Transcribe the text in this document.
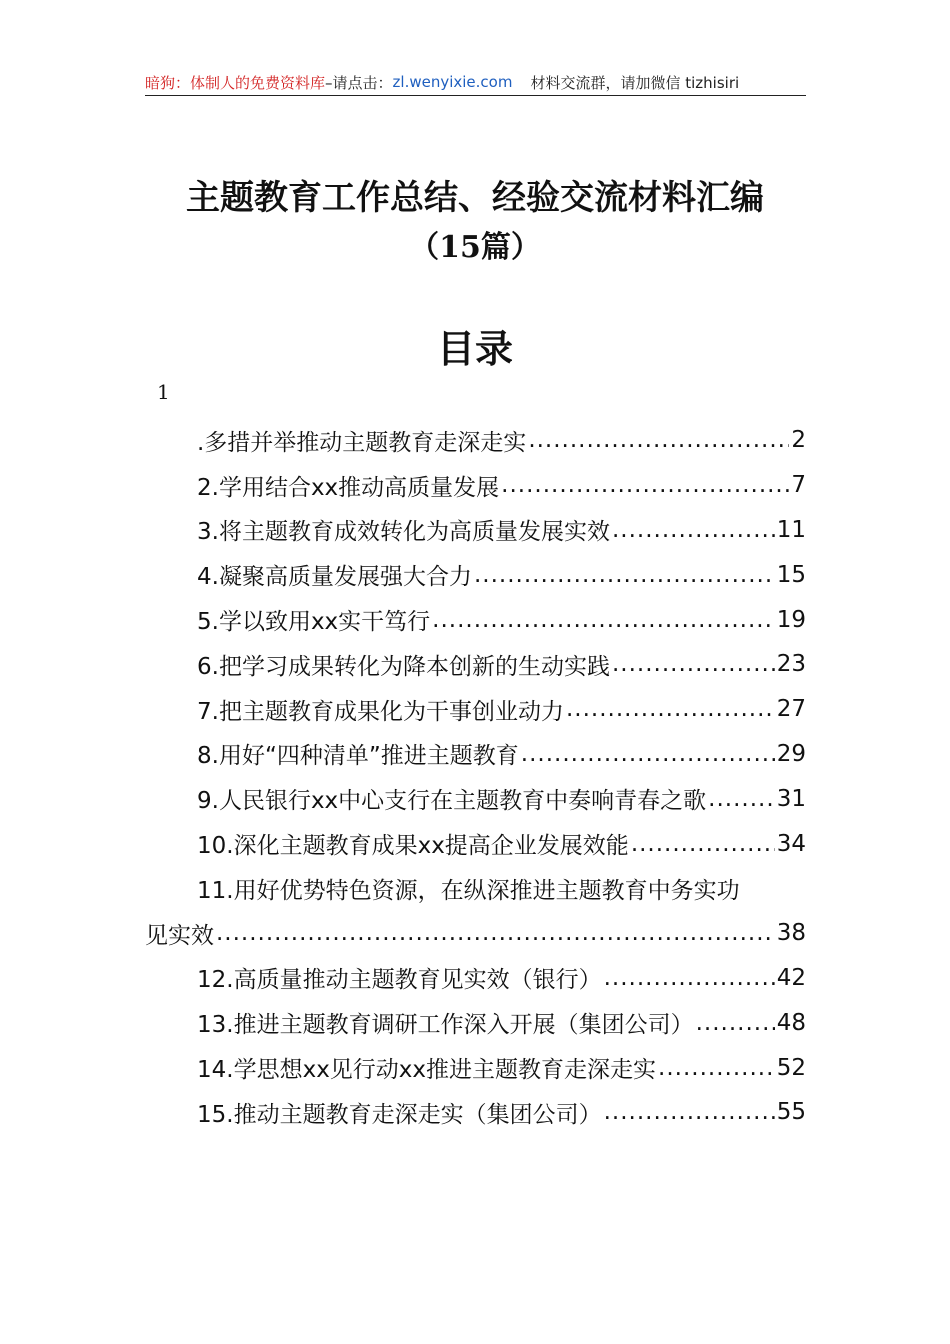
暗狗：体制人的免费资料库 –请点击： zl.wenyixie.com 材料交流群，请加微信 tizhisiri
主题教育工作总结、经验交流材料汇编
（15篇）
目录
1
.多措并举推动主题教育走深走实 .....	2
2.学用结合xx推动高质量发展 .....	7
3.将主题教育成效转化为高质量发展实效 .....	11
4.凝聚高质量发展强大合力 .....	15
5.学以致用xx实干笃行 .....	19
6.把学习成果转化为降本创新的生动实践 .....	23
7.把主题教育成果化为干事创业动力 .....	27
8.用好“四种清单”推进主题教育 .....	29
9.人民银行xx中心支行在主题教育中奏响青春之歌 .....	31
10.深化主题教育成果xx提高企业发展效能 .....	34
11.用好优势特色资源，在纵深推进主题教育中务实功
见实效 .....	38
12.高质量推动主题教育见实效（银行） .....	42
13.推进主题教育调研工作深入开展（集团公司） .....	48
14.学思想xx见行动xx推进主题教育走深走实 .....	52
15.推动主题教育走深走实（集团公司） .....	55
